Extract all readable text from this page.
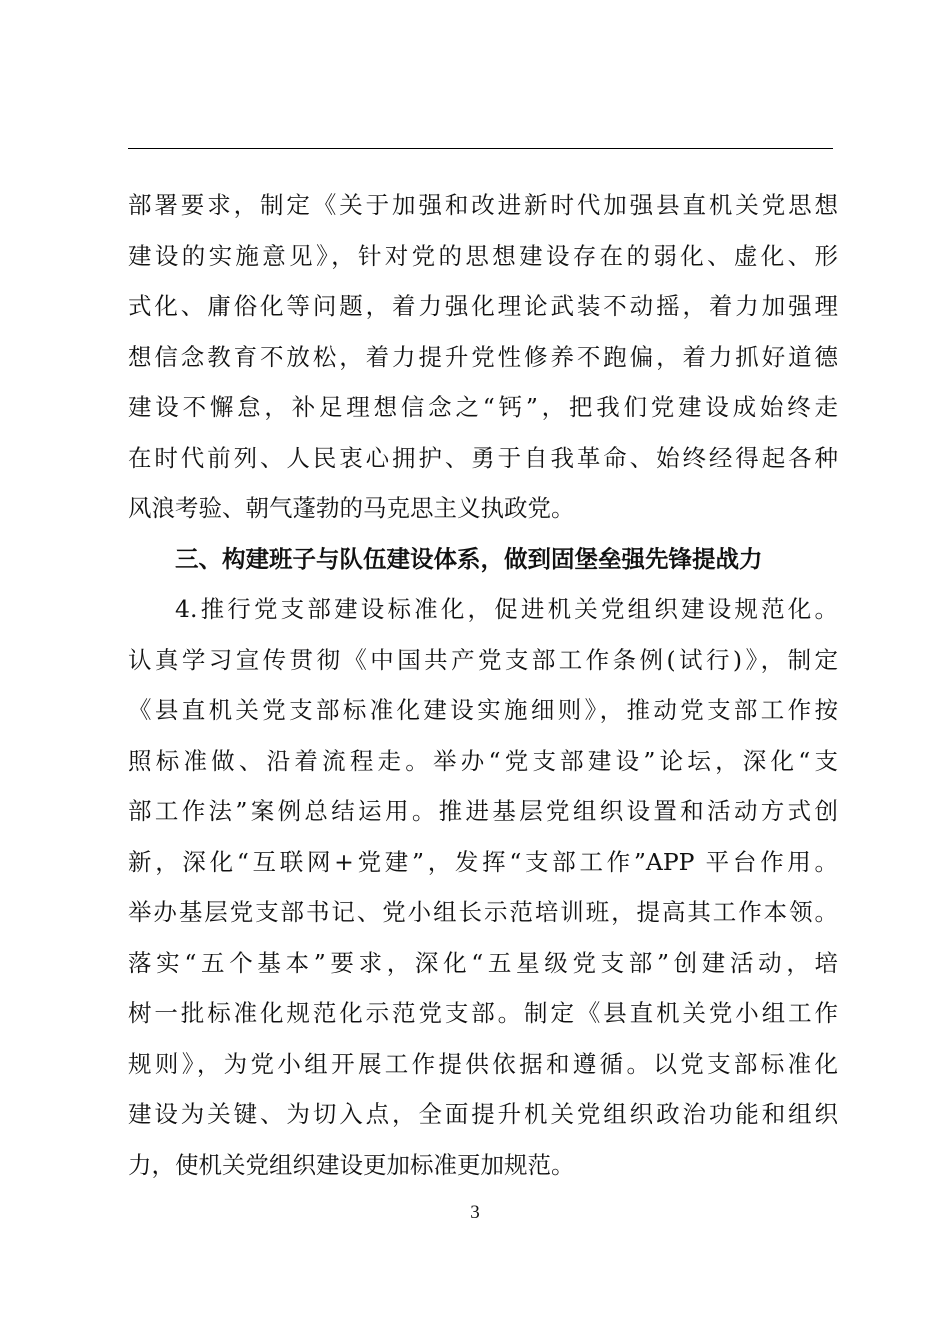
部署要求，制定《关于加强和改进新时代加强县直机关党思想
建设的实施意见》，针对党的思想建设存在的弱化、虚化、形
式化、庸俗化等问题，着力强化理论武装不动摇，着力加强理
想信念教育不放松，着力提升党性修养不跑偏，着力抓好道德
建设不懈怠，补足理想信念之“钙”，把我们党建设成始终走
在时代前列、人民衷心拥护、勇于自我革命、始终经得起各种
风浪考验、朝气蓬勃的马克思主义执政党。
三、构建班子与队伍建设体系，做到固堡垒强先锋提战力
4.推行党支部建设标准化，促进机关党组织建设规范化。
认真学习宣传贯彻《中国共产党支部工作条例(试行)》，制定
《县直机关党支部标准化建设实施细则》，推动党支部工作按
照标准做、沿着流程走。举办“党支部建设”论坛，深化“支
部工作法”案例总结运用。推进基层党组织设置和活动方式创
新，深化“互联网+党建”，发挥“支部工作”APP 平台作用。
举办基层党支部书记、党小组长示范培训班，提高其工作本领。
落实“五个基本”要求，深化“五星级党支部”创建活动，培
树一批标准化规范化示范党支部。制定《县直机关党小组工作
规则》，为党小组开展工作提供依据和遵循。以党支部标准化
建设为关键、为切入点，全面提升机关党组织政治功能和组织
力，使机关党组织建设更加标准更加规范。
3
